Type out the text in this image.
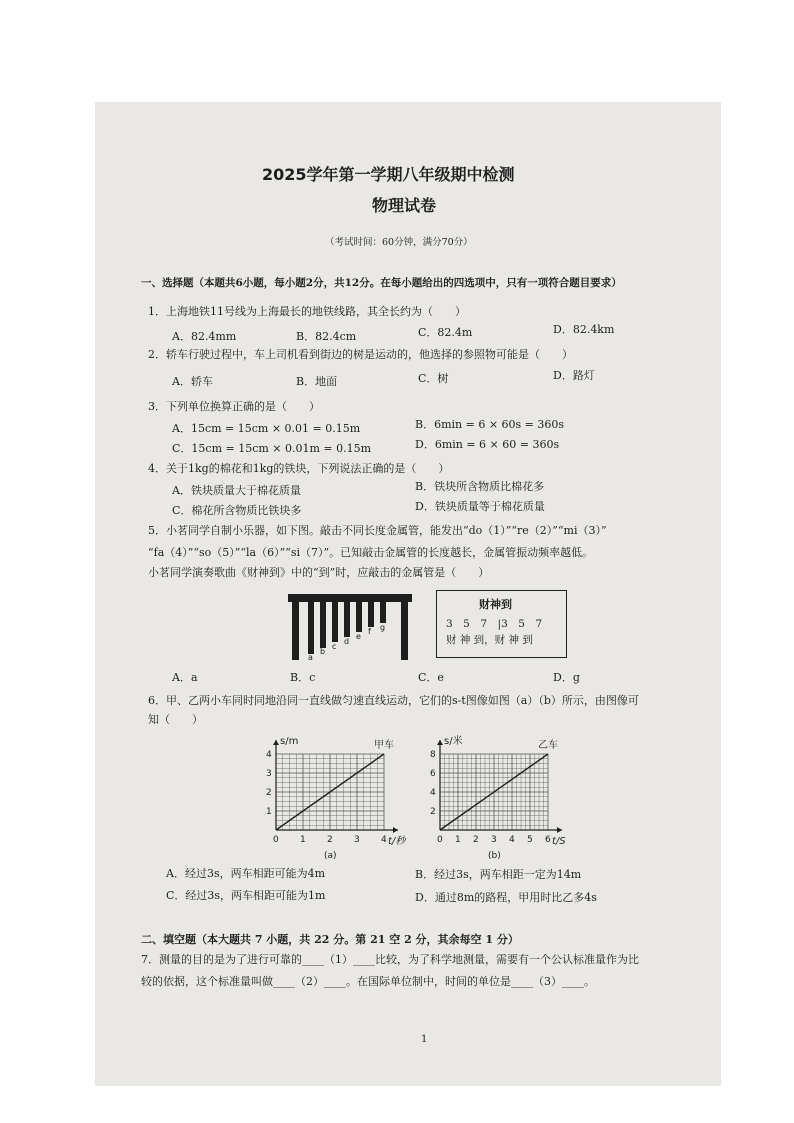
2025学年第一学期八年级期中检测
物理试卷
（考试时间：60分钟，满分70分）
一、选择题（本题共6小题，每小题2分，共12分。在每小题给出的四选项中，只有一项符合题目要求）
1．上海地铁11号线为上海最长的地铁线路，其全长约为（　　）
A．82.4mm	B．82.4cm	C．82.4m	D．82.4km
2．轿车行驶过程中，车上司机看到街边的树是运动的，他选择的参照物可能是（　　）
A．轿车	B．地面	C．树	D．路灯
3．下列单位换算正确的是（　　）
A．15cm = 15cm × 0.01 = 0.15m	B．6min = 6 × 60s = 360s
C．15cm = 15cm × 0.01m = 0.15m	D．6min = 6 × 60 = 360s
4．关于1kg的棉花和1kg的铁块，下列说法正确的是（　　）
A．铁块质量大于棉花质量	B．铁块所含物质比棉花多
C．棉花所含物质比铁块多	D．铁块质量等于棉花质量
5．小茗同学自制小乐器，如下图。敲击不同长度金属管，能发出“do（1）”“re（2）”“mi（3）”
“fa（4）”“so（5）”“la（6）”“si（7）”。已知敲击金属管的长度越长，金属管振动频率越低。
小茗同学演奏歌曲《财神到》中的“到”时，应敲击的金属管是（　　）
a
b
c
d
e
f g
财神到
3　5　7　|3　5　7
财 神 到，财 神 到
A．a	B．c	C．e	D．g
6．甲、乙两小车同时同地沿同一直线做匀速直线运动，它们的s-t图像如图（a）（b）所示，由图像可
知（　　）
0 1 2 3 4
1
2
3
4
s/m	甲车
t/秒
(a)
0 1 2 3 4 5 6
2
4
6
8
s/米	乙车
t/S
(b)
A．经过3s，两车相距可能为4m	B．经过3s，两车相距一定为14m
C．经过3s，两车相距可能为1m	D．通过8m的路程，甲用时比乙多4s
二、填空题（本大题共 7 小题，共 22 分。第 21 空 2 分，其余每空 1 分）
7．测量的目的是为了进行可靠的____（1）____比较，为了科学地测量，需要有一个公认标准量作为比
较的依据，这个标准量叫做____（2）____。在国际单位制中，时间的单位是____（3）____。
1
